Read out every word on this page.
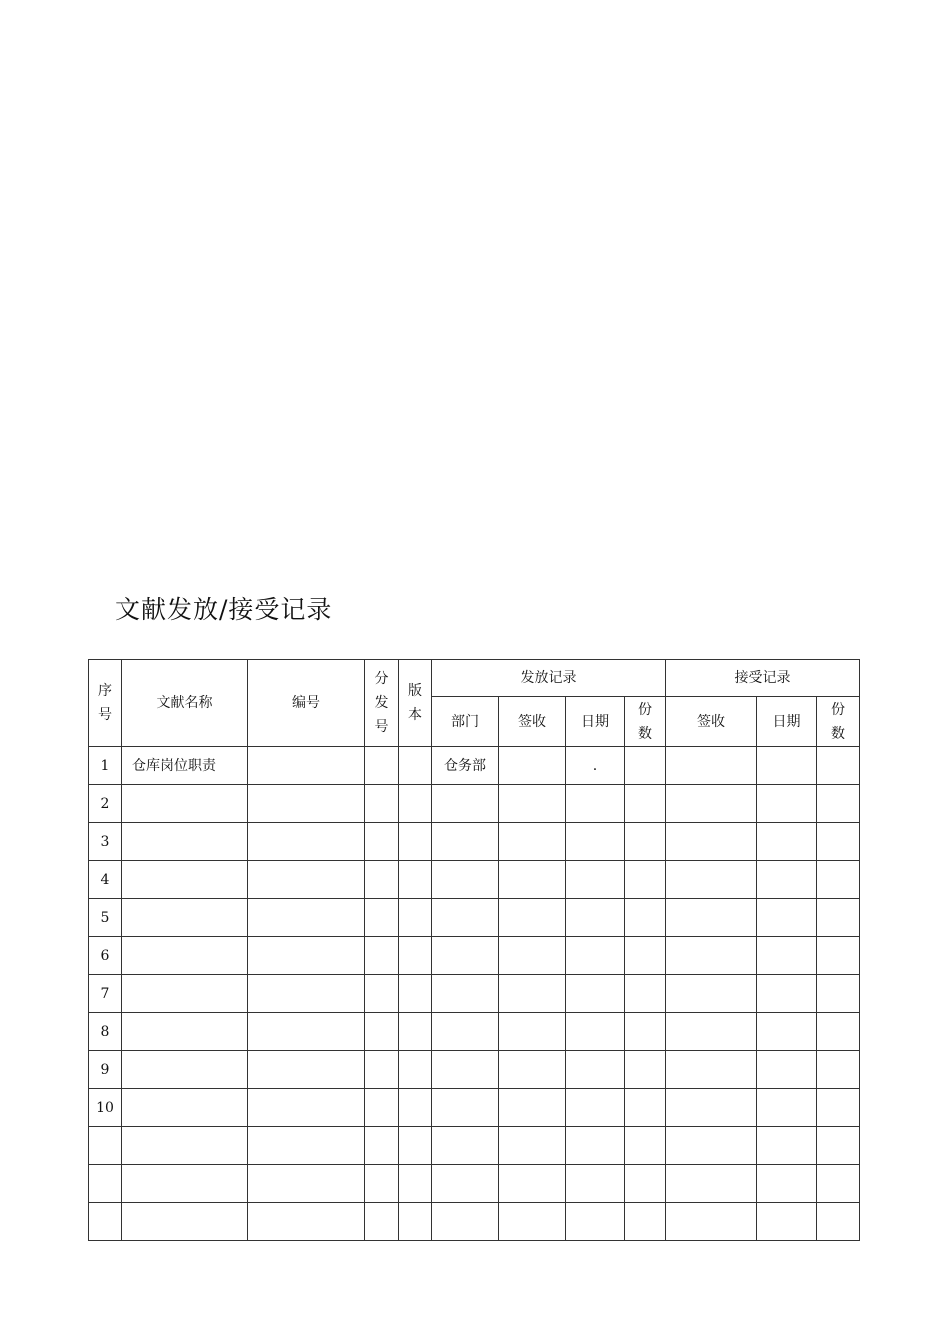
文献发放/接受记录
序号	文献名称	编号	分发号	版本	发放记录				接受记录		
					部门	签收	日期	份数	签收	日期	份数
1	仓库岗位职责				仓务部		.				
2											
3											
4											
5											
6											
7											
8											
9											
10											
